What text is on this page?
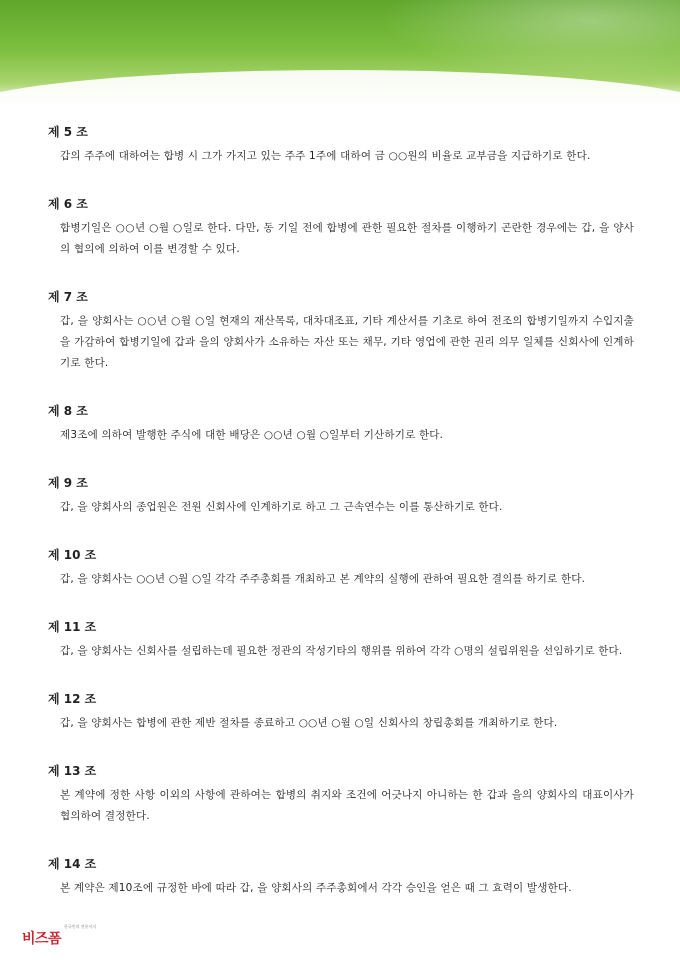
제 5 조
갑의 주주에 대하여는 합병 시 그가 가지고 있는 주주 1주에 대하여 금 ○○원의 비율로 교부금을 지급하기로 한다.
제 6 조
합병기일은 ○○년 ○월 ○일로 한다. 다만, 동 기일 전에 합병에 관한 필요한 절차를 이행하기 곤란한 경우에는 갑, 을 양사의 협의에 의하여 이를 변경할 수 있다.
제 7 조
갑, 을 양회사는 ○○년 ○월 ○일 현재의 재산목록, 대차대조표, 기타 계산서를 기초로 하여 전조의 합병기일까지 수입지출을 가감하여 합병기일에 갑과 을의 양회사가 소유하는 자산 또는 채무, 기타 영업에 관한 권리 의무 일체를 신회사에 인계하기로 한다.
제 8 조
제3조에 의하여 발행한 주식에 대한 배당은 ○○년 ○월 ○일부터 기산하기로 한다.
제 9 조
갑, 을 양회사의 종업원은 전원 신회사에 인계하기로 하고 그 근속연수는 이를 통산하기로 한다.
제 10 조
갑, 을 양회사는 ○○년 ○월 ○일 각각 주주총회를 개최하고 본 계약의 실행에 관하여 필요한 결의를 하기로 한다.
제 11 조
갑, 을 양회사는 신회사를 설립하는데 필요한 정관의 작성기타의 행위를 위하여 각각 ○명의 설립위원을 선임하기로 한다.
제 12 조
갑, 을 양회사는 합병에 관한 제반 절차를 종료하고 ○○년 ○월 ○일 신회사의 창립총회를 개최하기로 한다.
제 13 조
본 계약에 정한 사항 이외의 사항에 관하여는 합병의 취지와 조건에 어긋나지 아니하는 한 갑과 을의 양회사의 대표이사가 협의하여 결정한다.
제 14 조
본 계약은 제10조에 규정한 바에 따라 갑, 을 양회사의 주주총회에서 각각 승인을 얻은 때 그 효력이 발생한다.
한국인의 전통서식
비즈폼
